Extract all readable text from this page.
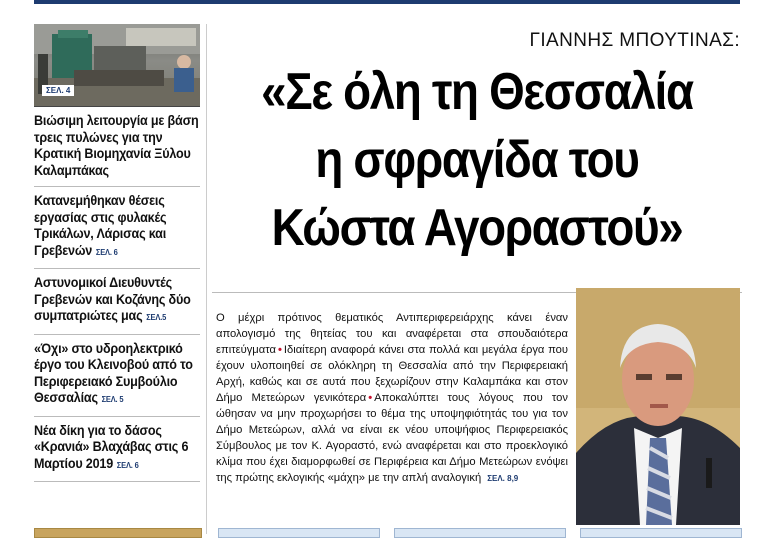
ΣΕΛ. 4
Βιώσιμη λειτουργία με βάση τρεις πυλώνες για την Κρατική Βιομηχανία Ξύλου Καλαμπάκας
Κατανεμήθηκαν θέσεις εργασίας στις φυλακές Τρικάλων, Λάρισας και Γρεβενών ΣΕΛ. 6
Αστυνομικοί Διευθυντές Γρεβενών και Κοζάνης δύο συμπατριώτες μας ΣΕΛ.5
«Όχι» στο υδροηλεκτρικό έργο του Κλεινοβού από το Περιφερειακό Συμβούλιο Θεσσαλίας ΣΕΛ. 5
Νέα δίκη για το δάσος «Κρανιά» Βλαχάβας στις 6 Μαρτίου 2019 ΣΕΛ. 6
ΓΙΑΝΝΗΣ ΜΠΟΥΤΙΝΑΣ:
«Σε όλη τη Θεσσαλία
η σφραγίδα του
Κώστα Αγοραστού»
Ο μέχρι πρότινος θεματικός Αντιπεριφερειάρχης κάνει έναν απολογισμό της θητείας του και αναφέρεται στα σπουδαιότερα επιτεύγματα • Ιδιαίτερη αναφορά κάνει στα πολλά και μεγάλα έργα που έχουν υλοποιηθεί σε ολόκληρη τη Θεσσαλία από την Περιφερειακή Αρχή, καθώς και σε αυτά που ξεχωρίζουν στην Καλαμπάκα και στον Δήμο Μετεώρων γενικότερα • Αποκαλύπτει τους λόγους που τον ώθησαν να μην προχωρήσει το θέμα της υποψηφιότητάς του για τον Δήμο Μετεώρων, αλλά να είναι εκ νέου υποψήφιος Περιφερειακός Σύμβουλος με τον Κ. Αγοραστό, ενώ αναφέρεται και στο προεκλογικό κλίμα που έχει διαμορφωθεί σε Περιφέρεια και Δήμο Μετεώρων ενόψει της πρώτης εκλογικής «μάχη» με την απλή αναλογική ΣΕΛ. 8,9
